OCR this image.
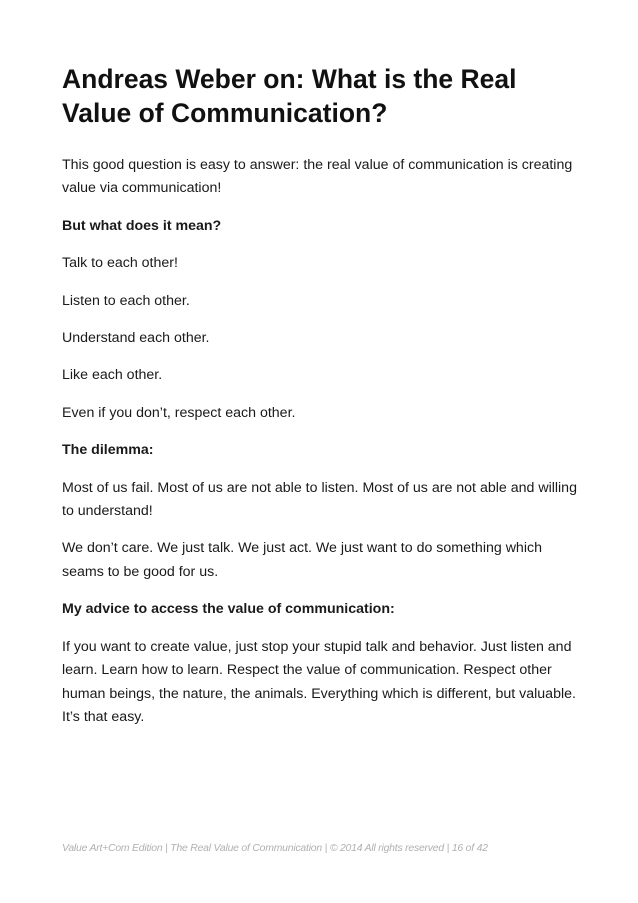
Andreas Weber on: What is the Real Value of Communication?

This good question is easy to answer: the real value of communication is creating value via communication!

But what does it mean?

Talk to each other!

Listen to each other.

Understand each other.

Like each other.

Even if you don’t, respect each other.

The dilemma:

Most of us fail. Most of us are not able to listen. Most of us are not able and willing to understand!

We don’t care. We just talk. We just act. We just want to do something which seams to be good for us.

My advice to access the value of communication:

If you want to create value, just stop your stupid talk and behavior. Just listen and learn. Learn how to learn. Respect the value of communication. Respect other human beings, the nature, the animals. Everything which is different, but valuable. It’s that easy.

Value Art+Com Edition | The Real Value of Communication | © 2014 All rights reserved | 16 of 42
